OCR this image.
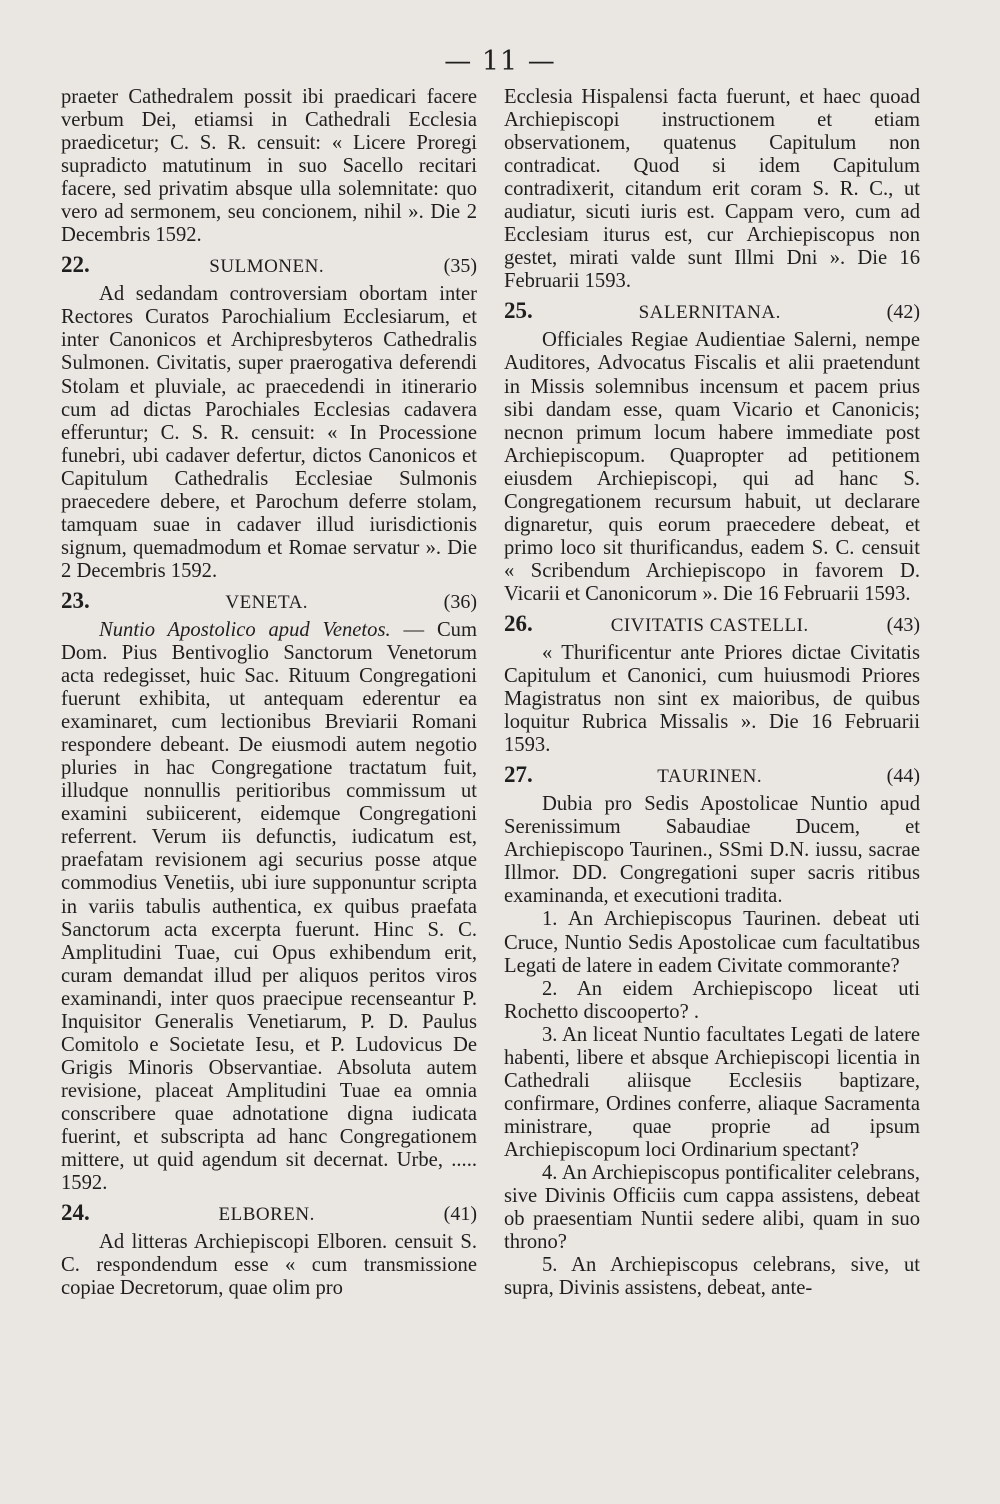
— 11 —

praeter Cathedralem possit ibi praedicari facere verbum Dei, etiamsi in Cathedrali Ecclesia praedicetur; C. S. R. censuit: « Licere Proregi supradicto matutinum in suo Sacello recitari facere, sed privatim absque ulla solemnitate: quo vero ad sermonem, seu concionem, nihil ». Die 2 Decembris 1592.

22.	SULMONEN.	(35)

Ad sedandam controversiam obortam inter Rectores Curatos Parochialium Ecclesiarum, et inter Canonicos et Archipresbyteros Cathedralis Sulmonen. Civitatis, super praerogativa deferendi Stolam et pluviale, ac praecedendi in itinerario cum ad dictas Parochiales Ecclesias cadavera efferuntur; C. S. R. censuit: « In Processione funebri, ubi cadaver defertur, dictos Canonicos et Capitulum Cathedralis Ecclesiae Sulmonis praecedere debere, et Parochum deferre stolam, tamquam suae in cadaver illud iurisdictionis signum, quemadmodum et Romae servatur ». Die 2 Decembris 1592.

23.	VENETA.	(36)

Nuntio Apostolico apud Venetos. — Cum Dom. Pius Bentivoglio Sanctorum Venetorum acta redegisset, huic Sac. Rituum Congregationi fuerunt exhibita, ut antequam ederentur ea examinaret, cum lectionibus Breviarii Romani respondere debeant. De eiusmodi autem negotio pluries in hac Congregatione tractatum fuit, illudque nonnullis peritioribus commissum ut examini subiicerent, eidemque Congregationi referrent. Verum iis defunctis, iudicatum est, praefatam revisionem agi securius posse atque commodius Venetiis, ubi iure supponuntur scripta in variis tabulis authentica, ex quibus praefata Sanctorum acta excerpta fuerunt. Hinc S. C. Amplitudini Tuae, cui Opus exhibendum erit, curam demandat illud per aliquos peritos viros examinandi, inter quos praecipue recenseantur P. Inquisitor Generalis Venetiarum, P. D. Paulus Comitolo e Societate Iesu, et P. Ludovicus De Grigis Minoris Observantiae. Absoluta autem revisione, placeat Amplitudini Tuae ea omnia conscribere quae adnotatione digna iudicata fuerint, et subscripta ad hanc Congregationem mittere, ut quid agendum sit decernat. Urbe, ..... 1592.

24.	ELBOREN.	(41)

Ad litteras Archiepiscopi Elboren. censuit S. C. respondendum esse « cum transmissione copiae Decretorum, quae olim pro

Ecclesia Hispalensi facta fuerunt, et haec quoad Archiepiscopi instructionem et etiam observationem, quatenus Capitulum non contradicat. Quod si idem Capitulum contradixerit, citandum erit coram S. R. C., ut audiatur, sicuti iuris est. Cappam vero, cum ad Ecclesiam iturus est, cur Archiepiscopus non gestet, mirati valde sunt Illmi Dni ». Die 16 Februarii 1593.

25.	SALERNITANA.	(42)

Officiales Regiae Audientiae Salerni, nempe Auditores, Advocatus Fiscalis et alii praetendunt in Missis solemnibus incensum et pacem prius sibi dandam esse, quam Vicario et Canonicis; necnon primum locum habere immediate post Archiepiscopum. Quapropter ad petitionem eiusdem Archiepiscopi, qui ad hanc S. Congregationem recursum habuit, ut declarare dignaretur, quis eorum praecedere debeat, et primo loco sit thurificandus, eadem S. C. censuit « Scribendum Archiepiscopo in favorem D. Vicarii et Canonicorum ». Die 16 Februarii 1593.

26.	CIVITATIS CASTELLI.	(43)

« Thurificentur ante Priores dictae Civitatis Capitulum et Canonici, cum huiusmodi Priores Magistratus non sint ex maioribus, de quibus loquitur Rubrica Missalis ». Die 16 Februarii 1593.

27.	TAURINEN.	(44)

Dubia pro Sedis Apostolicae Nuntio apud Serenissimum Sabaudiae Ducem, et Archiepiscopo Taurinen., SSmi D.N. iussu, sacrae Illmor. DD. Congregationi super sacris ritibus examinanda, et executioni tradita.

1. An Archiepiscopus Taurinen. debeat uti Cruce, Nuntio Sedis Apostolicae cum facultatibus Legati de latere in eadem Civitate commorante?

2. An eidem Archiepiscopo liceat uti Rochetto discooperto? .

3. An liceat Nuntio facultates Legati de latere habenti, libere et absque Archiepiscopi licentia in Cathedrali aliisque Ecclesiis baptizare, confirmare, Ordines conferre, aliaque Sacramenta ministrare, quae proprie ad ipsum Archiepiscopum loci Ordinarium spectant?

4. An Archiepiscopus pontificaliter celebrans, sive Divinis Officiis cum cappa assistens, debeat ob praesentiam Nuntii sedere alibi, quam in suo throno?

5. An Archiepiscopus celebrans, sive, ut supra, Divinis assistens, debeat, ante-
